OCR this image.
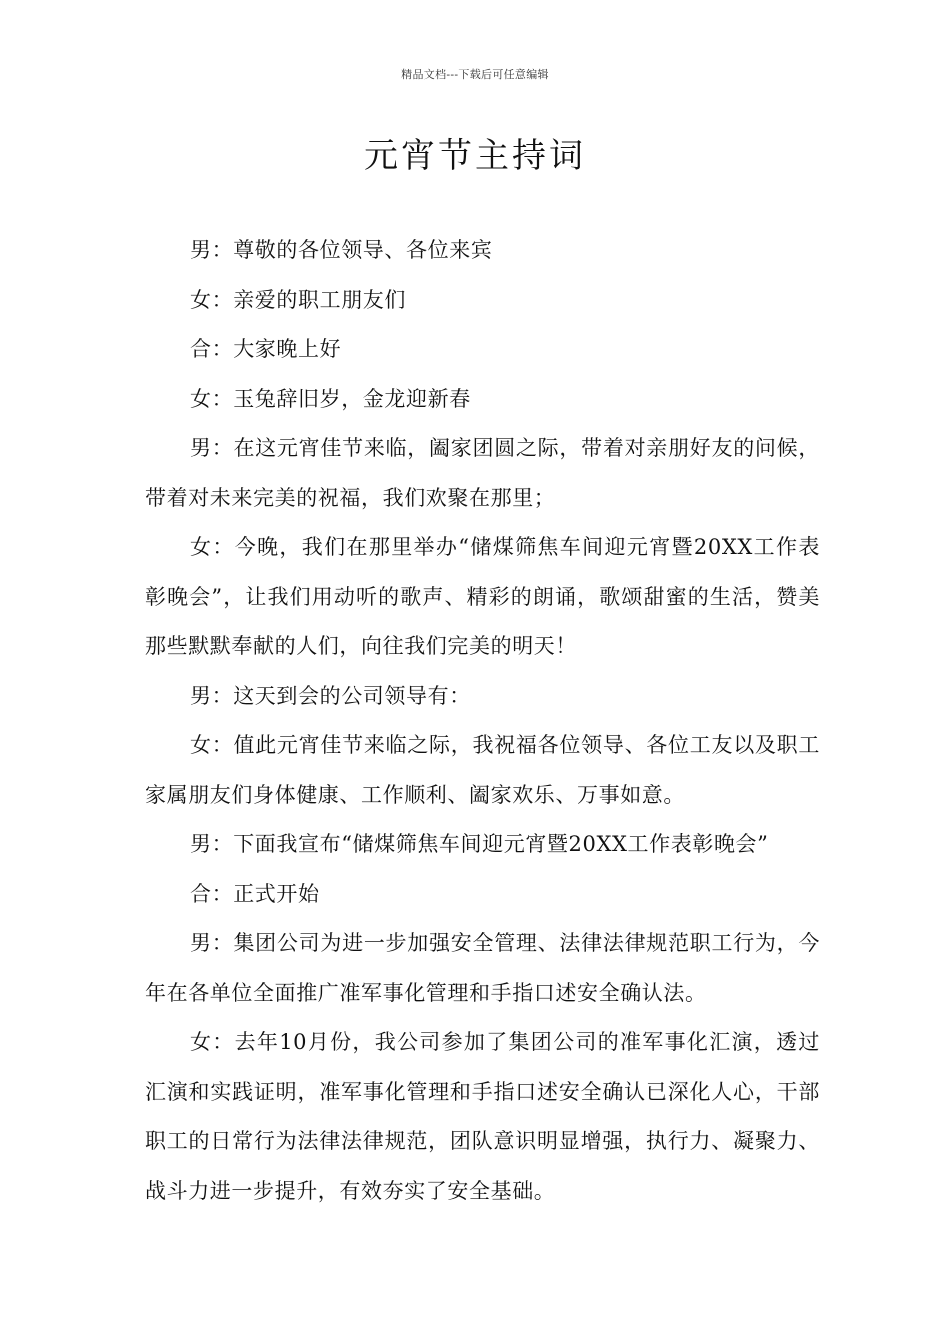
精品文档---下载后可任意编辑
元宵节主持词

男：尊敬的各位领导、各位来宾

女：亲爱的职工朋友们

合：大家晚上好

女：玉兔辞旧岁，金龙迎新春

男：在这元宵佳节来临，阖家团圆之际，带着对亲朋好友的问候，带着对未来完美的祝福，我们欢聚在那里；

女：今晚，我们在那里举办“储煤筛焦车间迎元宵暨20XX工作表彰晚会”，让我们用动听的歌声、精彩的朗诵，歌颂甜蜜的生活，赞美那些默默奉献的人们，向往我们完美的明天！

男：这天到会的公司领导有：

女：值此元宵佳节来临之际，我祝福各位领导、各位工友以及职工家属朋友们身体健康、工作顺利、阖家欢乐、万事如意。

男：下面我宣布“储煤筛焦车间迎元宵暨20XX工作表彰晚会”

合：正式开始

男：集团公司为进一步加强安全管理、法律法律规范职工行为，今年在各单位全面推广准军事化管理和手指口述安全确认法。

女：去年10月份，我公司参加了集团公司的准军事化汇演，透过汇演和实践证明，准军事化管理和手指口述安全确认已深化人心，干部职工的日常行为法律法律规范，团队意识明显增强，执行力、凝聚力、战斗力进一步提升，有效夯实了安全基础。
